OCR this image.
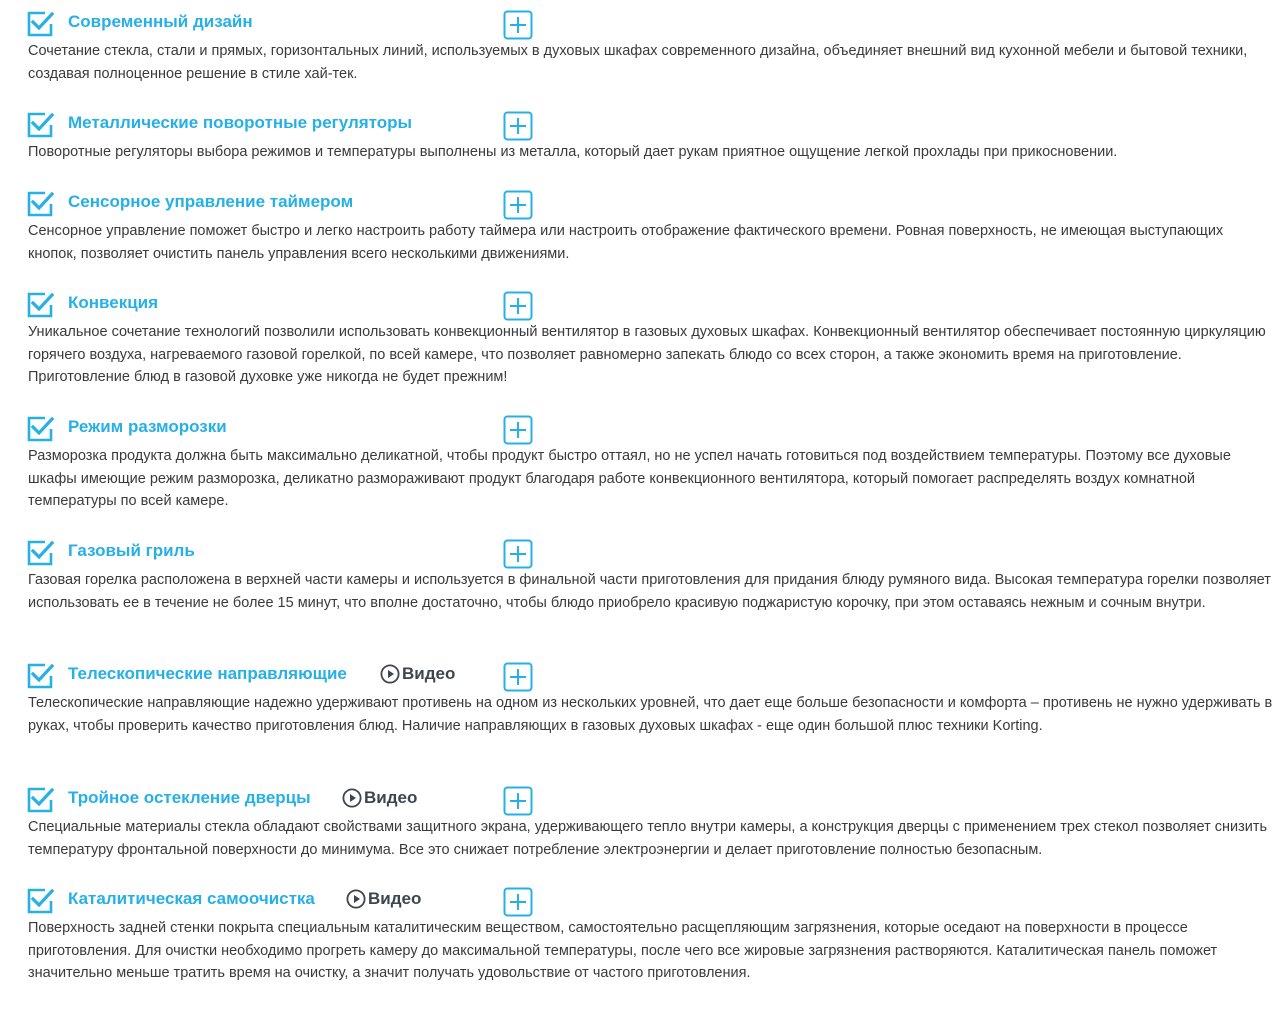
Современный дизайн

Сочетание стекла, стали и прямых, горизонтальных линий, используемых в духовых шкафах современного дизайна, объединяет внешний вид кухонной мебели и бытовой техники, создавая полноценное решение в стиле хай-тек.

Металлические поворотные регуляторы

Поворотные регуляторы выбора режимов и температуры выполнены из металла, который дает рукам приятное ощущение легкой прохлады при прикосновении.

Сенсорное управление таймером

Сенсорное управление поможет быстро и легко настроить работу таймера или настроить отображение фактического времени. Ровная поверхность, не имеющая выступающих кнопок, позволяет очистить панель управления всего несколькими движениями.

Конвекция

Уникальное сочетание технологий позволили использовать конвекционный вентилятор в газовых духовых шкафах. Конвекционный вентилятор обеспечивает постоянную циркуляцию горячего воздуха, нагреваемого газовой горелкой, по всей камере, что позволяет равномерно запекать блюдо со всех сторон, а также экономить время на приготовление. Приготовление блюд в газовой духовке уже никогда не будет прежним!

Режим разморозки

Разморозка продукта должна быть максимально деликатной, чтобы продукт быстро оттаял, но не успел начать готовиться под воздействием температуры. Поэтому все духовые шкафы имеющие режим разморозка, деликатно размораживают продукт благодаря работе конвекционного вентилятора, который помогает распределять воздух комнатной температуры по всей камере.

Газовый гриль

Газовая горелка расположена в верхней части камеры и используется в финальной части приготовления для придания блюду румяного вида. Высокая температура горелки позволяет использовать ее в течение не более 15 минут, что вполне достаточно, чтобы блюдо приобрело красивую поджаристую корочку, при этом оставаясь нежным и сочным внутри.

Телескопические направляющие	Видео

Телескопические направляющие надежно удерживают противень на одном из нескольких уровней, что дает еще больше безопасности и комфорта – противень не нужно удерживать в руках, чтобы проверить качество приготовления блюд. Наличие направляющих в газовых духовых шкафах - еще один большой плюс техники Korting.

Тройное остекление дверцы	Видео

Специальные материалы стекла обладают свойствами защитного экрана, удерживающего тепло внутри камеры, а конструкция дверцы с применением трех стекол позволяет снизить температуру фронтальной поверхности до минимума. Все это снижает потребление электроэнергии и делает приготовление полностью безопасным.

Каталитическая самоочистка	Видео

Поверхность задней стенки покрыта специальным каталитическим веществом, самостоятельно расщепляющим загрязнения, которые оседают на поверхности в процессе приготовления. Для очистки необходимо прогреть камеру до максимальной температуры, после чего все жировые загрязнения растворяются. Каталитическая панель поможет значительно меньше тратить время на очистку, а значит получать удовольствие от частого приготовления.
